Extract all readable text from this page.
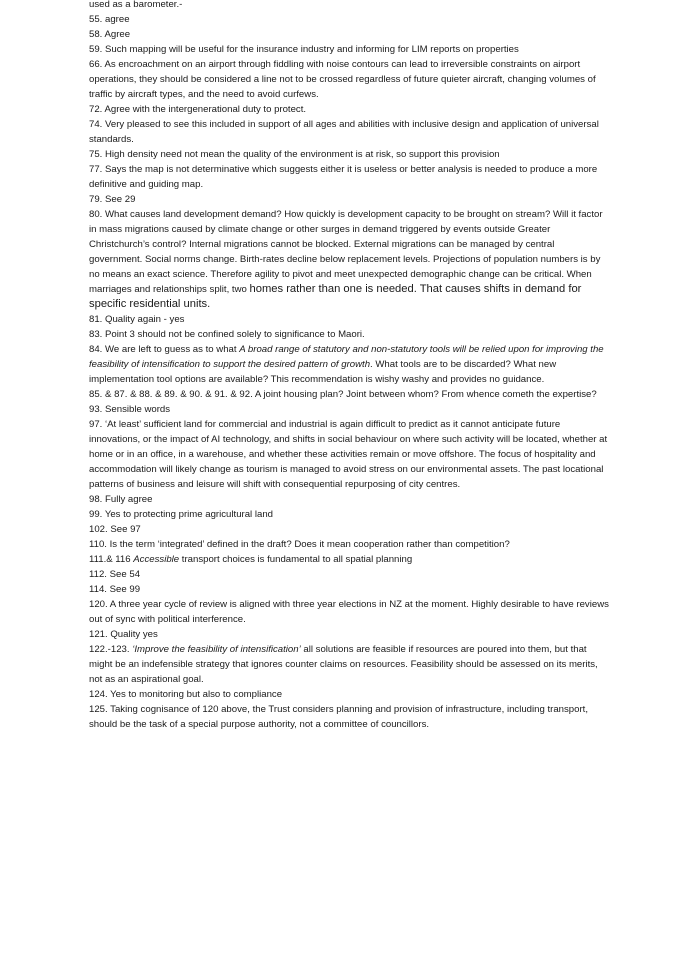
used as a barometer.-
55. agree
58. Agree
59. Such mapping will be useful for the insurance industry and informing for LIM reports on properties
66. As encroachment on an airport through fiddling with noise contours can lead to irreversible constraints on airport operations, they should be considered a line not to be crossed regardless of future quieter aircraft, changing volumes of traffic by aircraft types, and the need to avoid curfews.
72. Agree with the intergenerational duty to protect.
74. Very pleased to see this included in support of all ages and abilities with inclusive design and application of universal standards.
75. High density need not mean the quality of the environment is at risk, so support this provision
77. Says the map is not determinative which suggests either it is useless or better analysis is needed to produce a more definitive and guiding map.
79. See 29
80. What causes land development demand? How quickly is development capacity to be brought on stream? Will it factor in mass migrations caused by climate change or other surges in demand triggered by events outside Greater Christchurch’s control? Internal migrations cannot be blocked. External migrations can be managed by central government. Social norms change. Birth-rates decline below replacement levels. Projections of population numbers is by no means an exact science. Therefore agility to pivot and meet unexpected demographic change can be critical. When marriages and relationships split, two homes rather than one is needed. That causes shifts in demand for specific residential units.
81. Quality again - yes
83. Point 3 should not be confined solely to significance to Maori.
84. We are left to guess as to what A broad range of statutory and non-statutory tools will be relied upon for improving the feasibility of intensification to support the desired pattern of growth. What tools are to be discarded? What new implementation tool options are available? This recommendation is wishy washy and provides no guidance.
85. & 87. & 88. & 89. & 90. & 91. & 92. A joint housing plan? Joint between whom? From whence cometh the expertise?
93. Sensible words
97. ‘At least’ sufficient land for commercial and industrial is again difficult to predict as it cannot anticipate future innovations, or the impact of AI technology, and shifts in social behaviour on where such activity will be located, whether at home or in an office, in a warehouse, and whether these activities remain or move offshore. The focus of hospitality and accommodation will likely change as tourism is managed to avoid stress on our environmental assets. The past locational patterns of business and leisure will shift with consequential repurposing of city centres.
98. Fully agree
99. Yes to protecting prime agricultural land
102. See 97
110. Is the term ‘integrated’ defined in the draft? Does it mean cooperation rather than competition?
111.& 116 Accessible transport choices is fundamental to all spatial planning
112. See 54
114. See 99
120. A three year cycle of review is aligned with three year elections in NZ at the moment. Highly desirable to have reviews out of sync with political interference.
121. Quality yes
122.-123. ‘Improve the feasibility of intensification’ all solutions are feasible if resources are poured into them, but that might be an indefensible strategy that ignores counter claims on resources. Feasibility should be assessed on its merits, not as an aspirational goal.
124. Yes to monitoring but also to compliance
125. Taking cognisance of 120 above, the Trust considers planning and provision of infrastructure, including transport, should be the task of a special purpose authority, not a committee of councillors.
